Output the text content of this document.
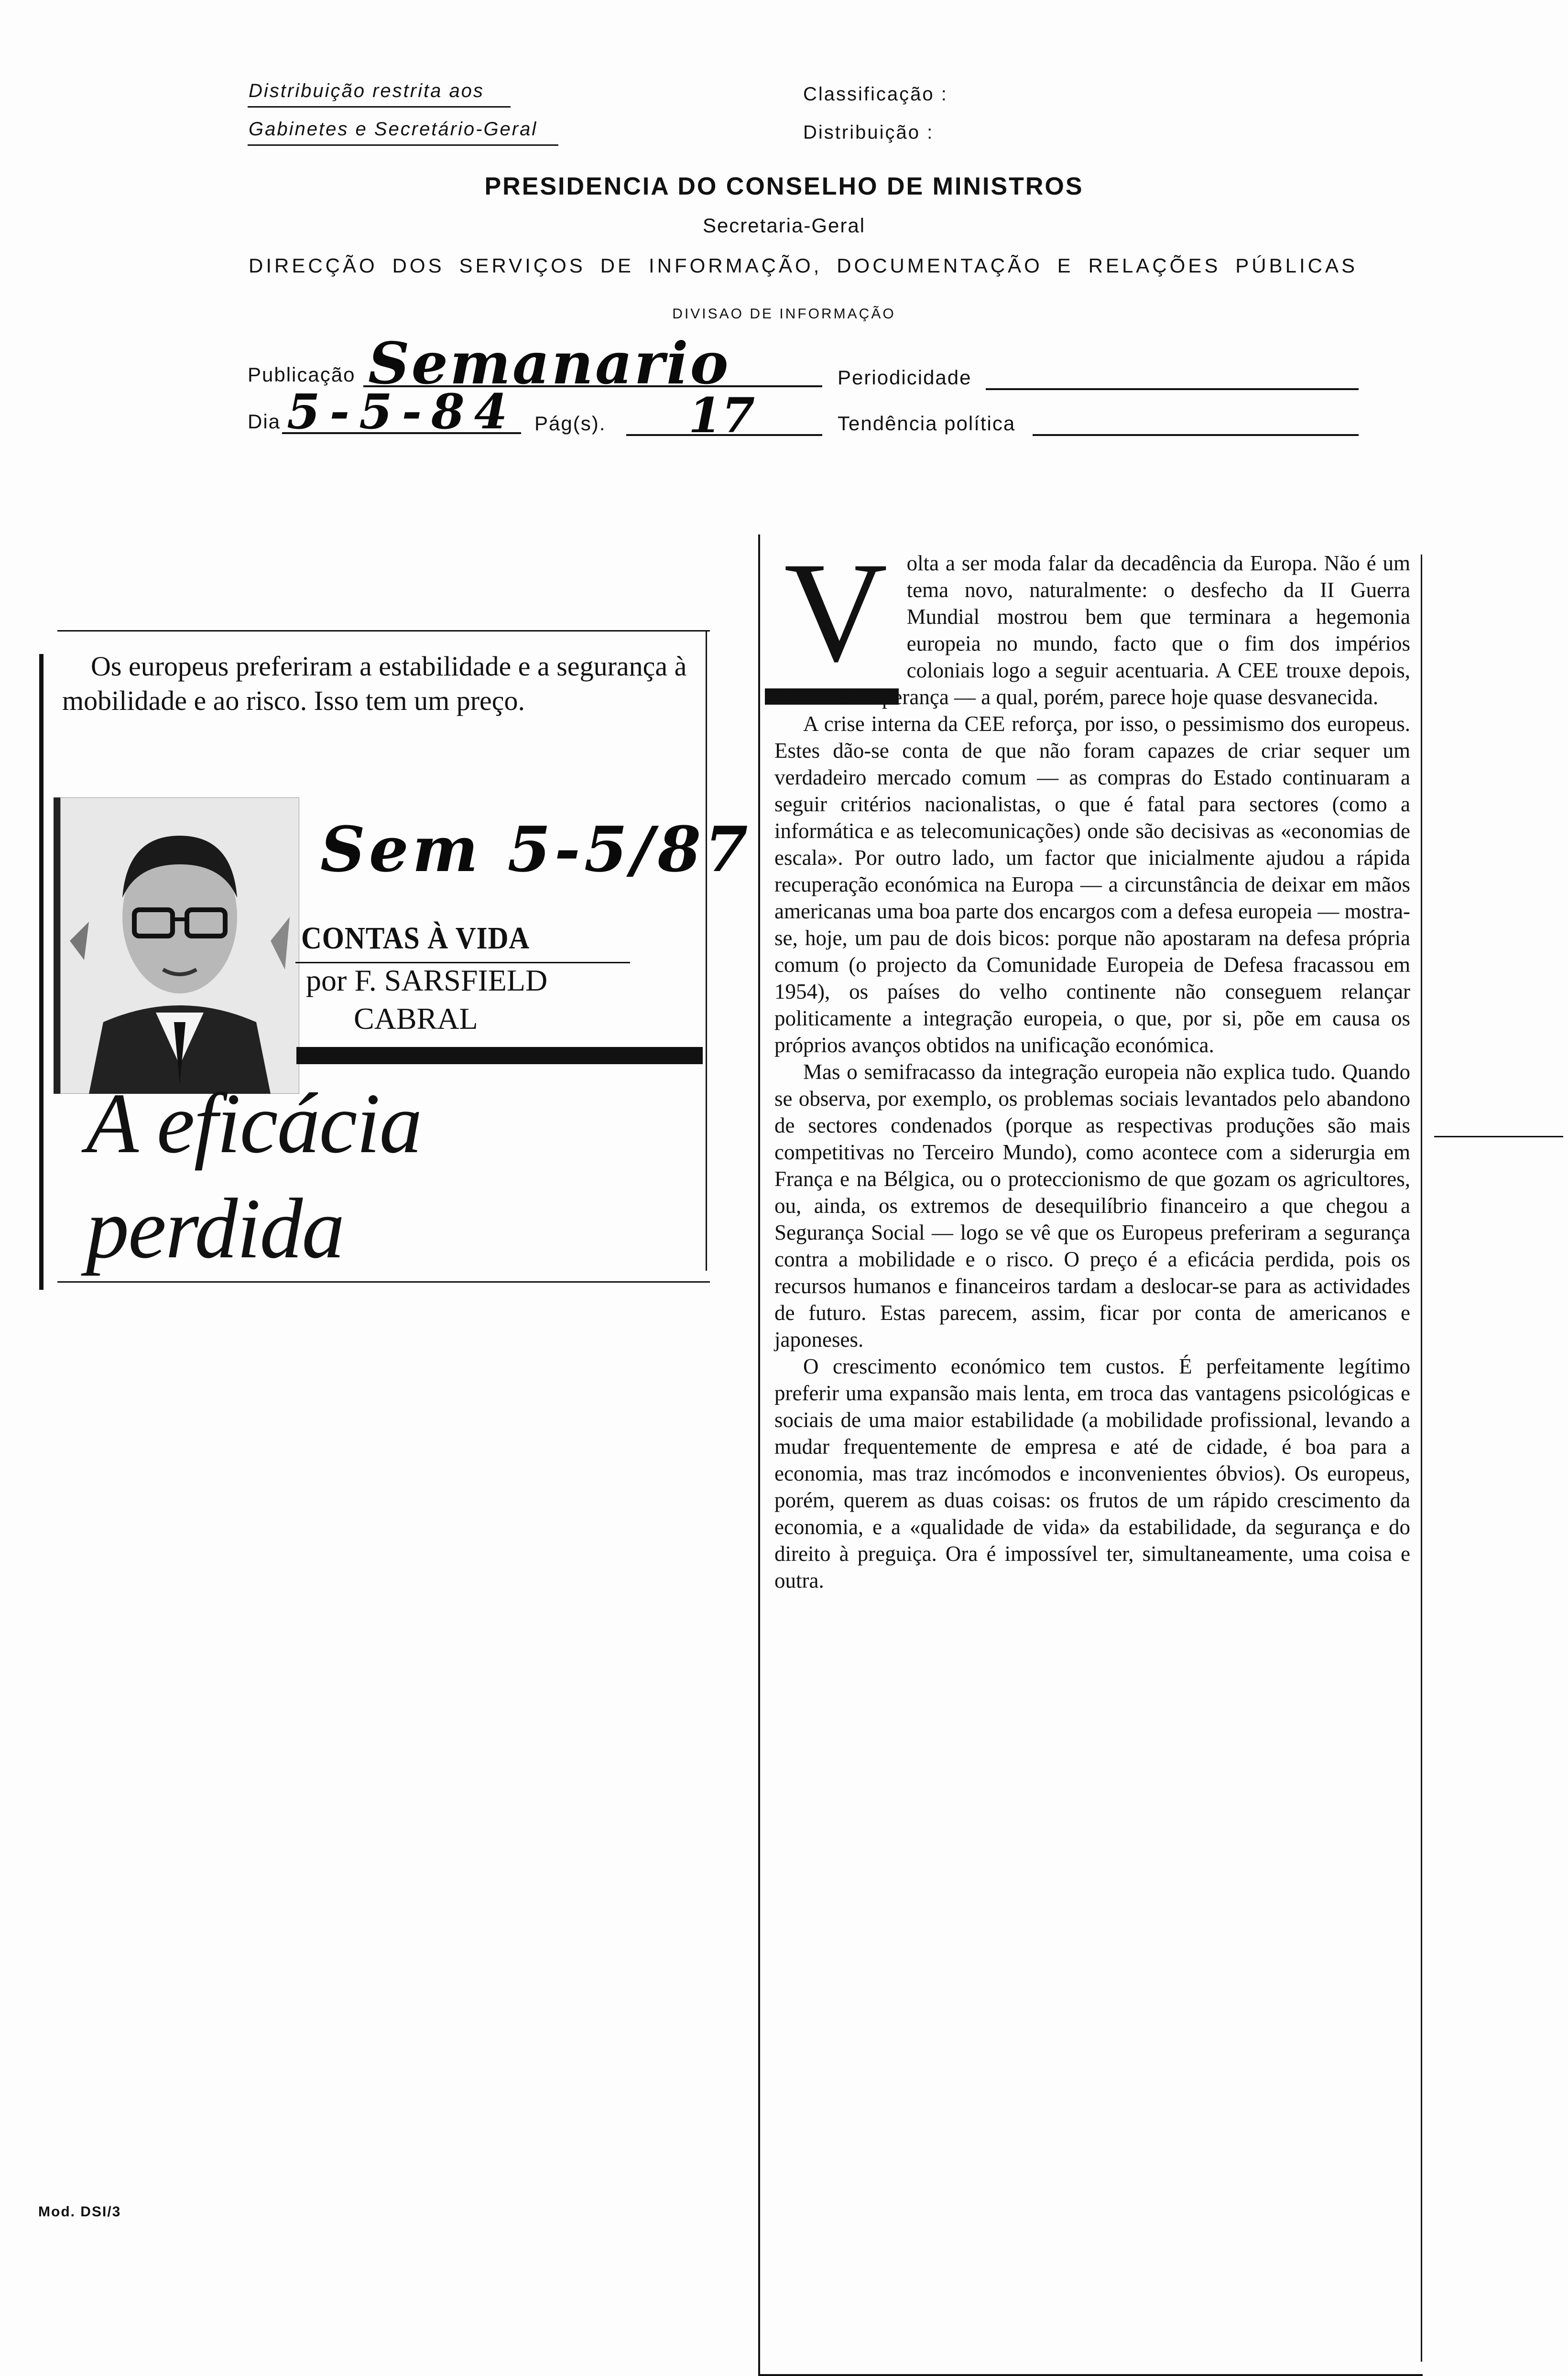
Distribuição restrita aos
Gabinetes e Secretário-Geral
Classificação :
Distribuição :
PRESIDENCIA DO CONSELHO DE MINISTROS
Secretaria-Geral
DIRECÇÃO DOS SERVIÇOS DE INFORMAÇÃO, DOCUMENTAÇÃO E RELAÇÕES PÚBLICAS
DIVISAO DE INFORMAÇÃO
Publicação Semanario	Periodicidade
Dia 5-5-84 Pág(s). 17	Tendência política
Os europeus preferiram a estabilidade e a segurança à mobilidade e ao risco. Isso tem um preço.
Sem 5-5/87
CONTAS À VIDA
por F. SARSFIELD
CABRAL
A eficácia
perdida
V olta a ser moda falar da decadência da Europa. Não é um tema novo, naturalmente: o desfecho da II Guerra Mundial mostrou bem que terminara a hegemonia europeia no mundo, facto que o fim dos impérios coloniais logo a seguir acentuaria. A CEE trouxe depois, uma nova esperança — a qual, porém, parece hoje quase desvanecida.

A crise interna da CEE reforça, por isso, o pessimismo dos europeus. Estes dão-se conta de que não foram capazes de criar sequer um verdadeiro mercado comum — as compras do Estado continuaram a seguir critérios nacionalistas, o que é fatal para sectores (como a informática e as telecomunicações) onde são decisivas as «economias de escala». Por outro lado, um factor que inicialmente ajudou a rápida recuperação económica na Europa — a circunstância de deixar em mãos americanas uma boa parte dos encargos com a defesa europeia — mostra-se, hoje, um pau de dois bicos: porque não apostaram na defesa própria comum (o projecto da Comunidade Europeia de Defesa fracassou em 1954), os países do velho continente não conseguem relançar politicamente a integração europeia, o que, por si, põe em causa os próprios avanços obtidos na unificação económica.

Mas o semifracasso da integração europeia não explica tudo. Quando se observa, por exemplo, os problemas sociais levantados pelo abandono de sectores condenados (porque as respectivas produções são mais competitivas no Terceiro Mundo), como acontece com a siderurgia em França e na Bélgica, ou o proteccionismo de que gozam os agricultores, ou, ainda, os extremos de desequilíbrio financeiro a que chegou a Segurança Social — logo se vê que os Europeus preferiram a segurança contra a mobilidade e o risco. O preço é a eficácia perdida, pois os recursos humanos e financeiros tardam a deslocar-se para as actividades de futuro. Estas parecem, assim, ficar por conta de americanos e japoneses.

O crescimento económico tem custos. É perfeitamente legítimo preferir uma expansão mais lenta, em troca das vantagens psicológicas e sociais de uma maior estabilidade (a mobilidade profissional, levando a mudar frequentemente de empresa e até de cidade, é boa para a economia, mas traz incómodos e inconvenientes óbvios). Os europeus, porém, querem as duas coisas: os frutos de um rápido crescimento da economia, e a «qualidade de vida» da estabilidade, da segurança e do direito à preguiça. Ora é impossível ter, simultaneamente, uma coisa e outra.

Mod. DSI/3
